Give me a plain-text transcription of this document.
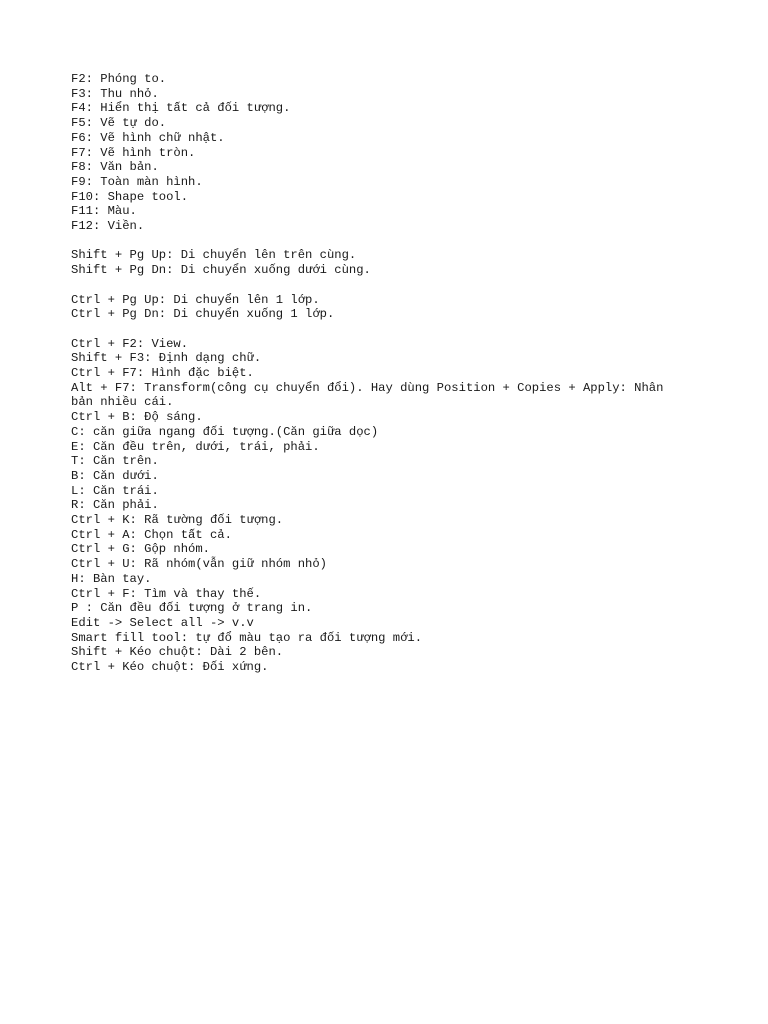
F2: Phóng to.
F3: Thu nhỏ.
F4: Hiển thị tất cả đối tượng.
F5: Vẽ tự do.
F6: Vẽ hình chữ nhật.
F7: Vẽ hình tròn.
F8: Văn bản.
F9: Toàn màn hình.
F10: Shape tool.
F11: Màu.
F12: Viền.
Shift + Pg Up: Di chuyển lên trên cùng.
Shift + Pg Dn: Di chuyển xuống dưới cùng.
Ctrl + Pg Up: Di chuyển lên 1 lớp.
Ctrl + Pg Dn: Di chuyển xuống 1 lớp.
Ctrl + F2: View.
Shift + F3: Định dạng chữ.
Ctrl + F7: Hình đặc biệt.
Alt + F7: Transform(công cụ chuyển đổi). Hay dùng Position + Copies + Apply: Nhân
bản nhiều cái.
Ctrl + B: Độ sáng.
C: căn giữa ngang đối tượng.(Căn giữa dọc)
E: Căn đều trên, dưới, trái, phải.
T: Căn trên.
B: Căn dưới.
L: Căn trái.
R: Căn phải.
Ctrl + K: Rã tường đối tượng.
Ctrl + A: Chọn tất cả.
Ctrl + G: Gộp nhóm.
Ctrl + U: Rã nhóm(vẫn giữ nhóm nhỏ)
H: Bàn tay.
Ctrl + F: Tìm và thay thế.
P : Căn đều đối tượng ở trang in.
Edit -> Select all -> v.v
Smart fill tool: tự đổ màu tạo ra đối tượng mới.
Shift + Kéo chuột: Dài 2 bên.
Ctrl + Kéo chuột: Đối xứng.
